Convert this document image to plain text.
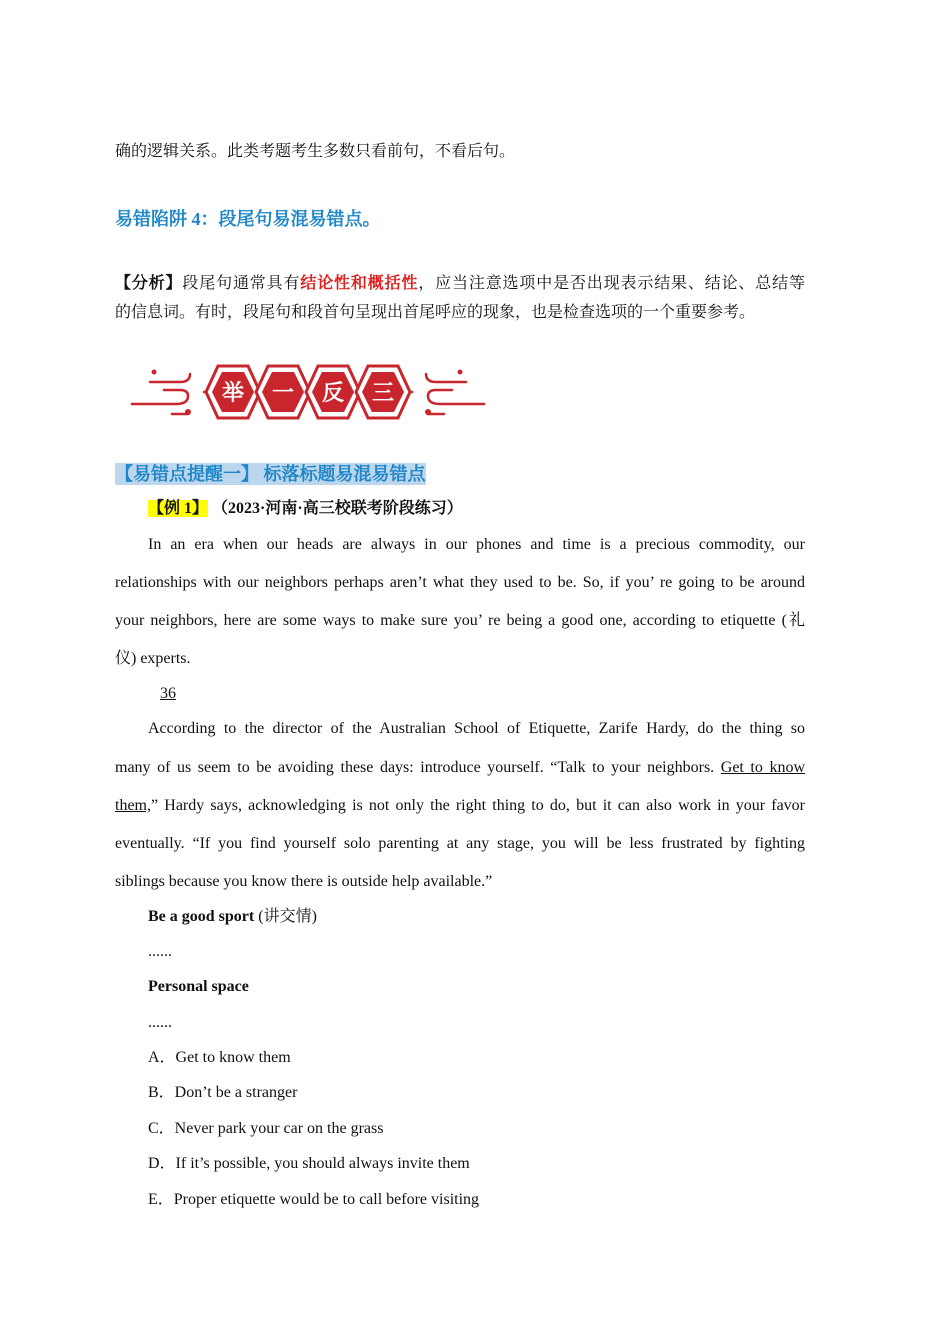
确的逻辑关系。此类考题考生多数只看前句，不看后句。
易错陷阱 4：段尾句易混易错点。
【分析】段尾句通常具有结论性和概括性，应当注意选项中是否出现表示结果、结论、总结等
的信息词。有时，段尾句和段首句呈现出首尾呼应的现象，也是检查选项的一个重要参考。
举 一 反 三
【易错点提醒一】 标落标题易混易错点
【例 1】 （2023·河南·高三校联考阶段练习）
In an era when our heads are always in our phones and time is a precious commodity, our
relationships with our neighbors perhaps aren’t what they used to be. So, if you’ re going to be around
your neighbors, here are some ways to make sure you’ re being a good one, according to etiquette (礼
仪) experts.
36
According to the director of the Australian School of Etiquette, Zarife Hardy, do the thing so
many of us seem to be avoiding these days: introduce yourself. “Talk to your neighbors. Get to know
them,” Hardy says, acknowledging is not only the right thing to do, but it can also work in your favor
eventually. “If you find yourself solo parenting at any stage, you will be less frustrated by fighting
siblings because you know there is outside help available.”
Be a good sport (讲交情)
......
Personal space
......
A．Get to know them
B．Don’t be a stranger
C．Never park your car on the grass
D．If it’s possible, you should always invite them
E．Proper etiquette would be to call before visiting
